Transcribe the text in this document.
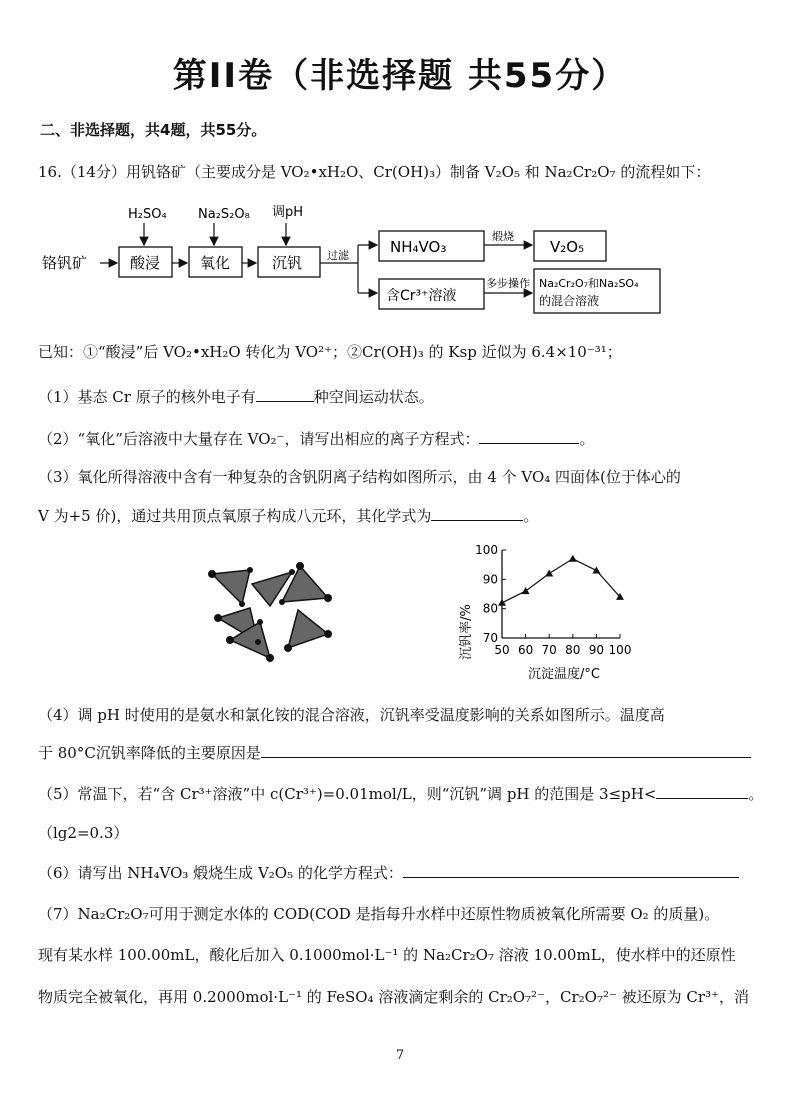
第II卷（非选择题 共55分）
二、非选择题，共4题，共55分。
16.（14分）用钒铬矿（主要成分是 VO₂•xH₂O、Cr(OH)₃）制备 V₂O₅ 和 Na₂Cr₂O₇ 的流程如下：
铬钒矿
H₂SO₄
酸浸
Na₂S₂O₈
氧化
调pH
沉钒 过滤	NH₄VO₃
煅烧
V₂O₅
含Cr³⁺溶液
多步操作 Na₂Cr₂O₇和Na₂SO₄
的混合溶液
已知：①“酸浸”后 VO₂•xH₂O 转化为 VO²⁺；②Cr(OH)₃ 的 Ksp 近似为 6.4×10⁻³¹；
（1）基态 Cr 原子的核外电子有	种空间运动状态。
（2）“氧化”后溶液中大量存在 VO₂⁻，请写出相应的离子方程式：	。
（3）氧化所得溶液中含有一种复杂的含钒阴离子结构如图所示，由 4 个 VO₄ 四面体(位于体心的
V 为+5 价)，通过共用顶点氧原子构成八元环，其化学式为	。
沉钒率/% 70
80
90
100
50 60 70 80 90 100
沉淀温度/°C
（4）调 pH 时使用的是氨水和氯化铵的混合溶液，沉钒率受温度影响的关系如图所示。温度高
于 80°C沉钒率降低的主要原因是
（5）常温下，若“含 Cr³⁺溶液”中 c(Cr³⁺)=0.01mol/L，则“沉钒”调 pH 的范围是 3≤pH<	。
（lg2=0.3）
（6）请写出 NH₄VO₃ 煅烧生成 V₂O₅ 的化学方程式：
（7）Na₂Cr₂O₇可用于测定水体的 COD(COD 是指每升水样中还原性物质被氧化所需要 O₂ 的质量)。
现有某水样 100.00mL，酸化后加入 0.1000mol·L⁻¹ 的 Na₂Cr₂O₇ 溶液 10.00mL，使水样中的还原性
物质完全被氧化，再用 0.2000mol·L⁻¹ 的 FeSO₄ 溶液滴定剩余的 Cr₂O₇²⁻，Cr₂O₇²⁻ 被还原为 Cr³⁺，消
7
